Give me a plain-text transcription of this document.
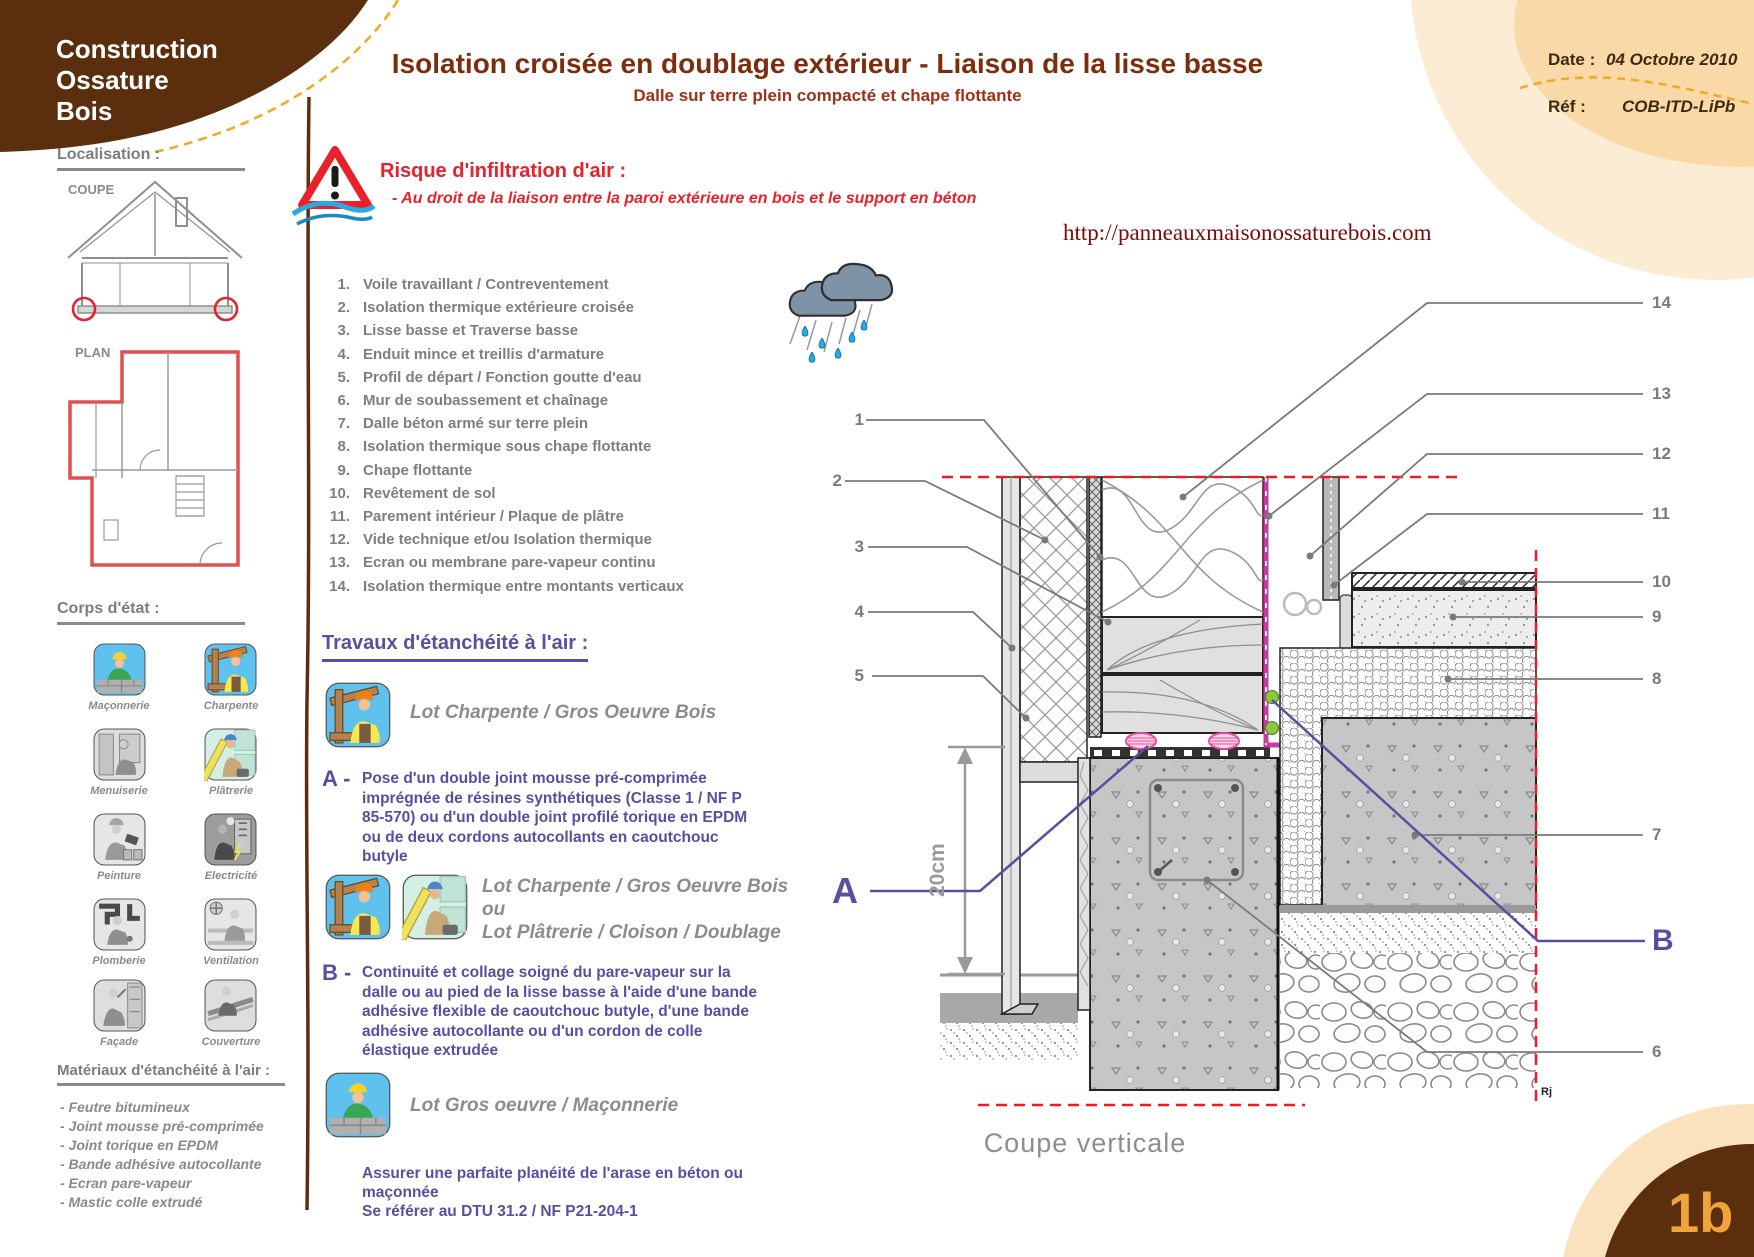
Construction
Ossature
Bois
Isolation croisée en doublage extérieur - Liaison de la lisse basse
Dalle sur terre plein compacté et chape flottante
Date : 04 Octobre 2010
Réf : COB-ITD-LiPb
http://panneauxmaisonossaturebois.com
Localisation :
COUPE
PLAN
Corps d'état :
Maçonnerie	Charpente
Menuiserie	Plâtrerie
Peinture	Electricité
Plomberie	Ventilation
Façade	Couverture
Matériaux d'étanchéité à l'air :
- Feutre bitumineux
- Joint mousse pré-comprimée
- Joint torique en EPDM
- Bande adhésive autocollante
- Ecran pare-vapeur
- Mastic colle extrudé
Risque d'infiltration d'air :
- Au droit de la liaison entre la paroi extérieure en bois et le support en béton
1. Voile travaillant / Contreventement
2. Isolation thermique extérieure croisée
3. Lisse basse et Traverse basse
4. Enduit mince et treillis d'armature
5. Profil de départ / Fonction goutte d'eau
6. Mur de soubassement et chaînage
7. Dalle béton armé sur terre plein
8. Isolation thermique sous chape flottante
9. Chape flottante
10. Revêtement de sol
11. Parement intérieur / Plaque de plâtre
12. Vide technique et/ou Isolation thermique
13. Ecran ou membrane pare-vapeur continu
14. Isolation thermique entre montants verticaux
Travaux d'étanchéité à l'air :
Lot Charpente / Gros Oeuvre Bois
A - Pose d'un double joint mousse pré-comprimée imprégnée de résines synthétiques (Classe 1 / NF P 85-570) ou d'un double joint profilé torique en EPDM ou de deux cordons autocollants en caoutchouc butyle
Lot Charpente / Gros Oeuvre Bois
ou
Lot Plâtrerie / Cloison / Doublage
B - Continuité et collage soigné du pare-vapeur sur la dalle ou au pied de la lisse basse à l'aide d'une bande adhésive flexible de caoutchouc butyle, d'une bande adhésive autocollante ou d'un cordon de colle élastique extrudée
Lot Gros oeuvre / Maçonnerie
Assurer une parfaite planéité de l'arase en béton ou maçonnée
Se référer au DTU 31.2 / NF P21-204-1
1
2
3
4
5
14
13
12
11
10
9
8
7
6
A
B
20cm
Coupe verticale
Rj
1b
